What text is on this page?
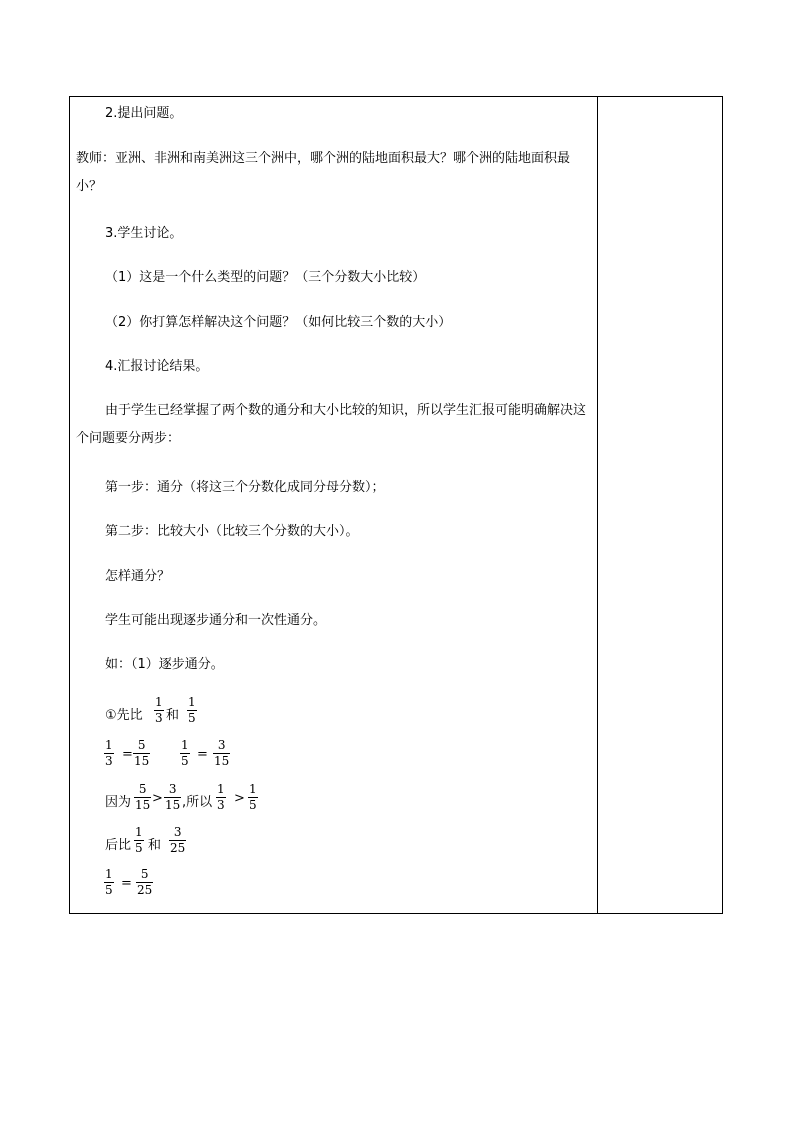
2.提出问题。
教师：亚洲、非洲和南美洲这三个洲中，哪个洲的陆地面积最大？哪个洲的陆地面积最小？
3.学生讨论。
（1）这是一个什么类型的问题？（三个分数大小比较）
（2）你打算怎样解决这个问题？（如何比较三个数的大小）
4.汇报讨论结果。
由于学生已经掌握了两个数的通分和大小比较的知识，所以学生汇报可能明确解决这个问题要分两步：
第一步：通分（将这三个分数化成同分母分数）；
第二步：比较大小（比较三个分数的大小）。
怎样通分？
学生可能出现逐步通分和一次性通分。
如：（1）逐步通分。
①先比
1
3 和
1
5
1
3 =
5
15
1
5 =
3
15
因为
5
15 >
3
15 ,所以
1
3 >
1
5
后比
1
5 和
3
25
1
5 =
5
25
